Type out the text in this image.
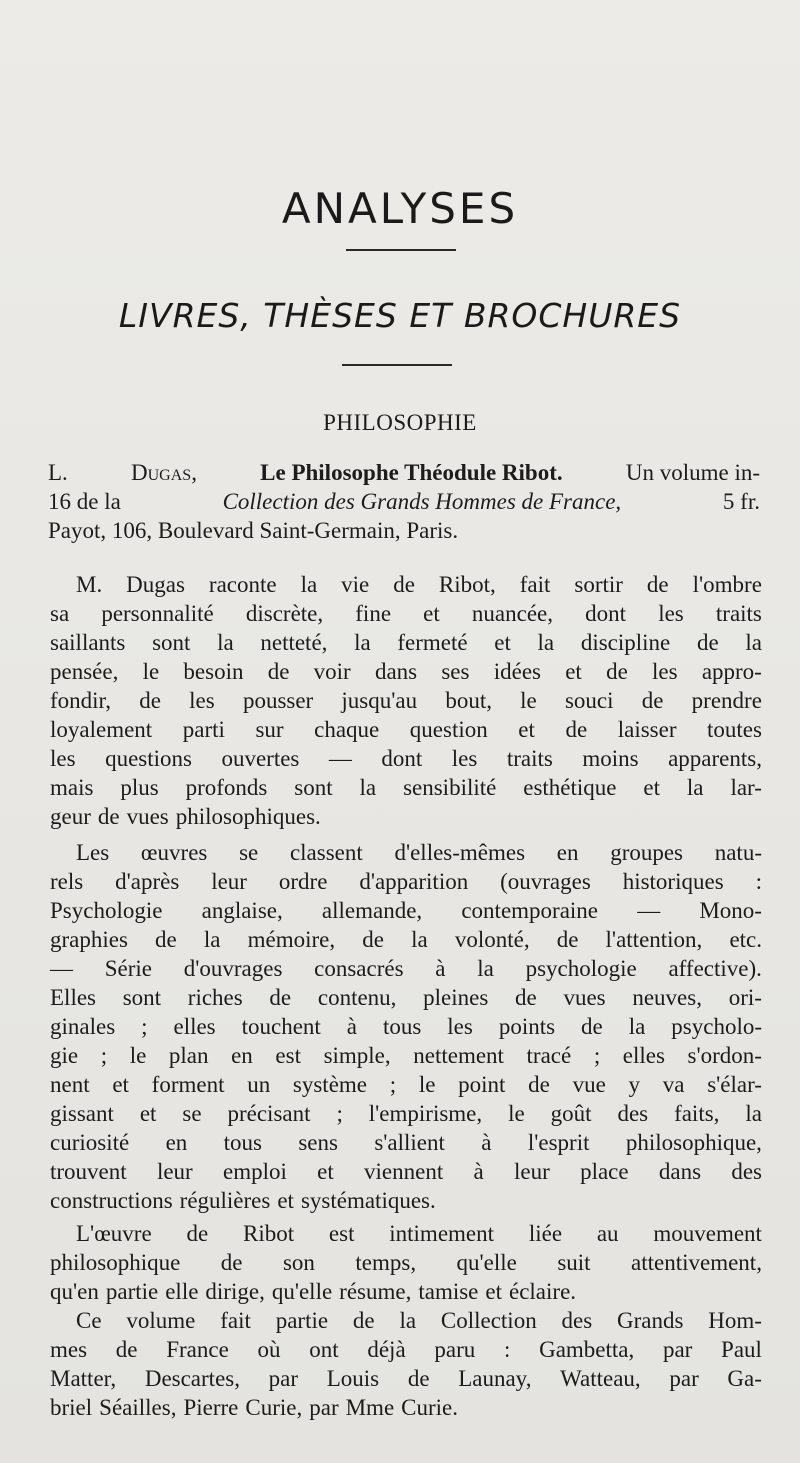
ANALYSES
LIVRES, THÈSES ET BROCHURES
PHILOSOPHIE
L.	Dugas,	Le Philosophe Théodule Ribot.	Un volume in-
16 de la	Collection des Grands Hommes de France,	5 fr.
Payot, 106, Boulevard Saint-Germain, Paris.
M. Dugas raconte la vie de Ribot, fait sortir de l'ombre
sa personnalité discrète, fine et nuancée, dont les traits
saillants sont la netteté, la fermeté et la discipline de la
pensée, le besoin de voir dans ses idées et de les appro-
fondir, de les pousser jusqu'au bout, le souci de prendre
loyalement parti sur chaque question et de laisser toutes
les questions ouvertes — dont les traits moins apparents,
mais plus profonds sont la sensibilité esthétique et la lar-
geur de vues philosophiques.
Les œuvres se classent d'elles-mêmes en groupes natu-
rels d'après leur ordre d'apparition (ouvrages historiques :
Psychologie anglaise, allemande, contemporaine — Mono-
graphies de la mémoire, de la volonté, de l'attention, etc.
— Série d'ouvrages consacrés à la psychologie affective).
Elles sont riches de contenu, pleines de vues neuves, ori-
ginales ; elles touchent à tous les points de la psycholo-
gie ; le plan en est simple, nettement tracé ; elles s'ordon-
nent et forment un système ; le point de vue y va s'élar-
gissant et se précisant ; l'empirisme, le goût des faits, la
curiosité en tous sens s'allient à l'esprit philosophique,
trouvent leur emploi et viennent à leur place dans des
constructions régulières et systématiques.
L'œuvre de Ribot est intimement liée au mouvement
philosophique de son temps, qu'elle suit attentivement,
qu'en partie elle dirige, qu'elle résume, tamise et éclaire.
Ce volume fait partie de la Collection des Grands Hom-
mes de France où ont déjà paru : Gambetta, par Paul
Matter, Descartes, par Louis de Launay, Watteau, par Ga-
briel Séailles, Pierre Curie, par Mme Curie.
